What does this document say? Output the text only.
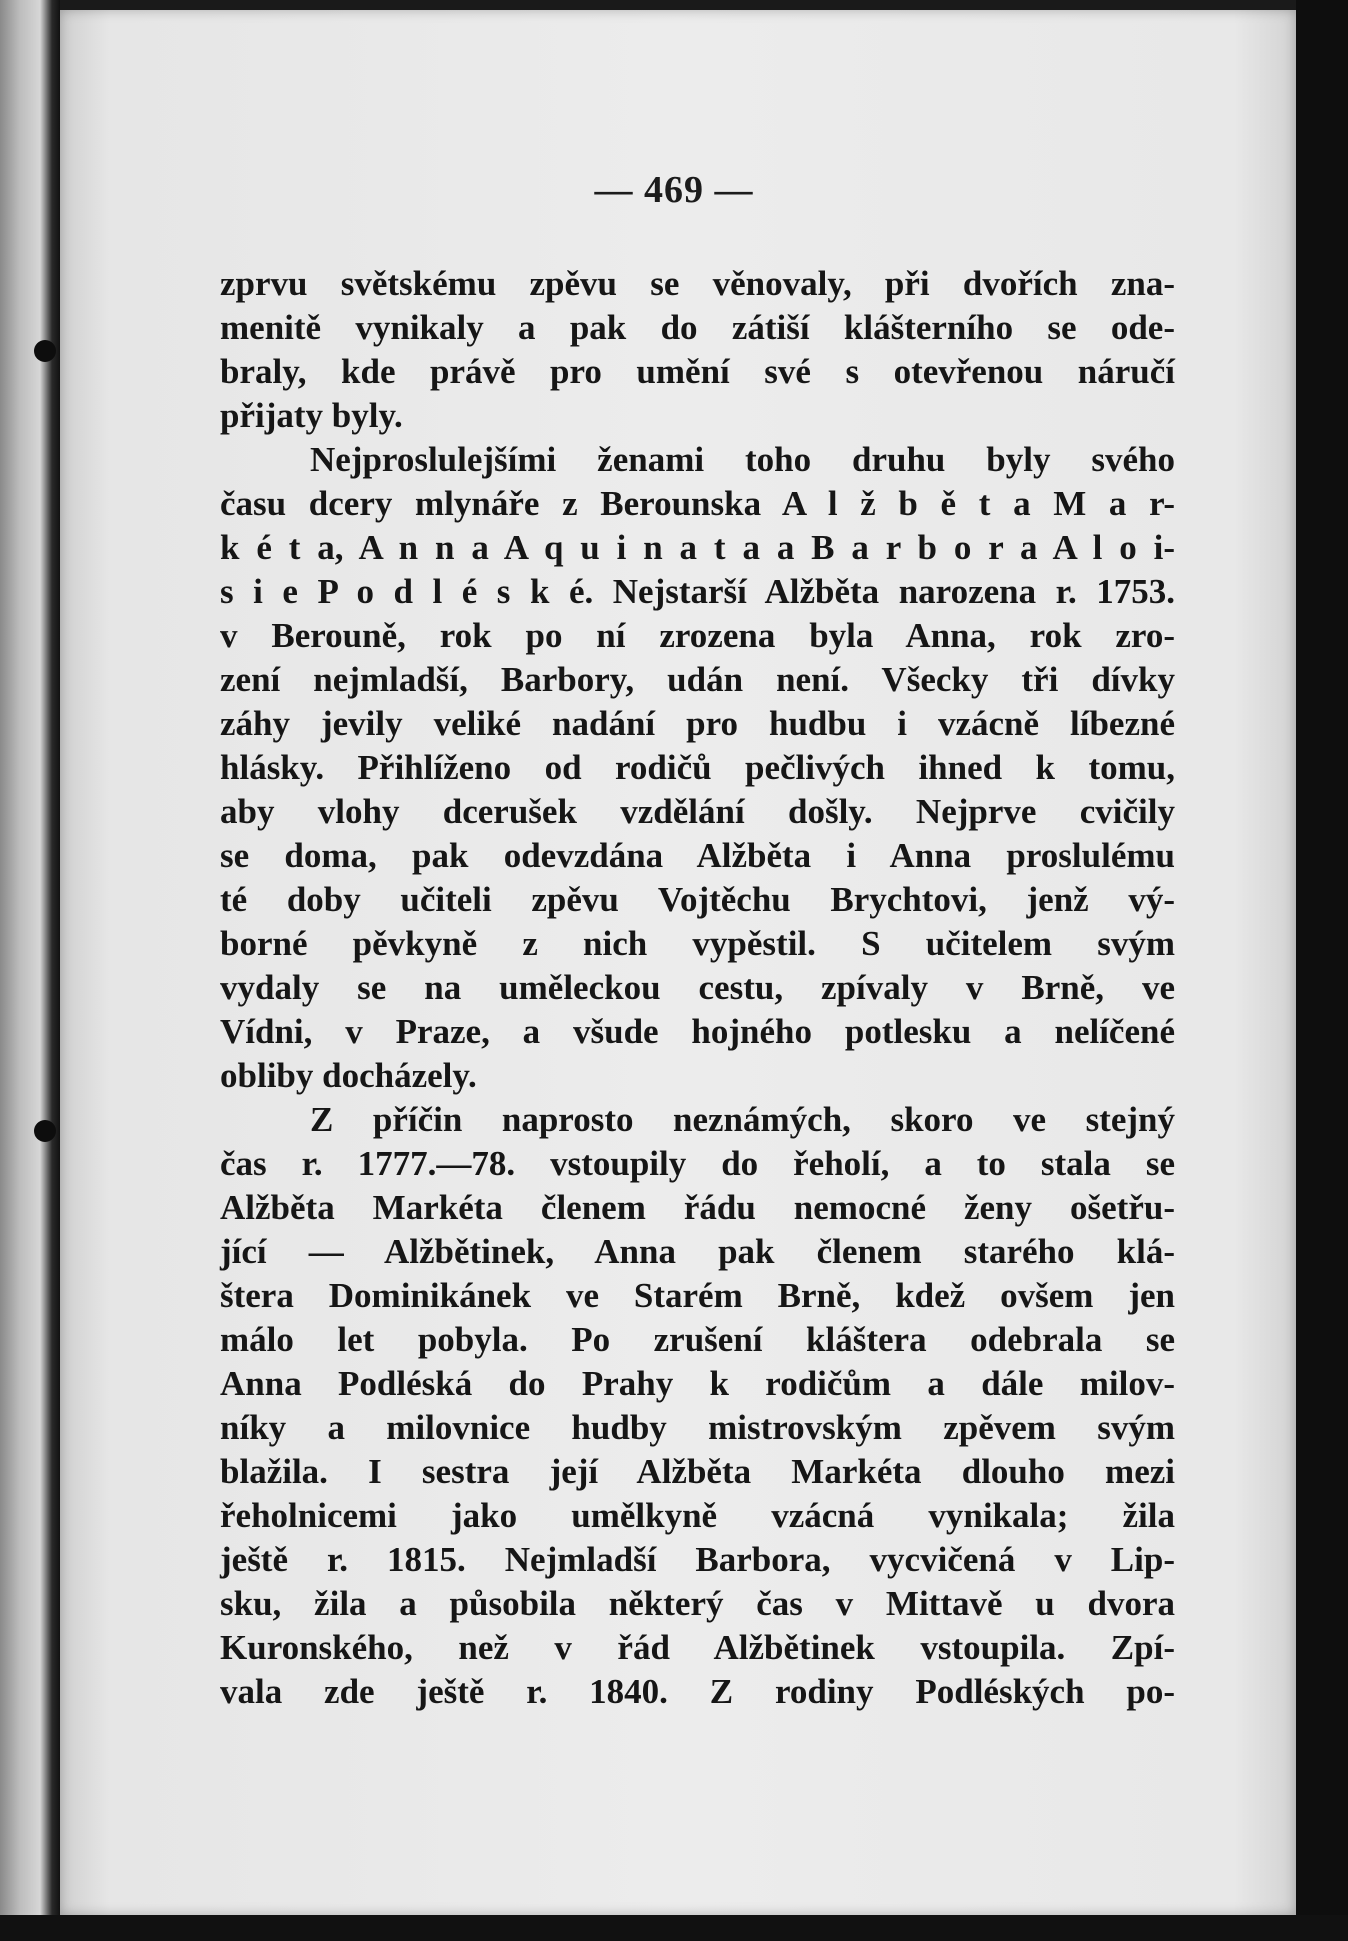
— 469 —
zprvu světskému zpěvu se věnovaly, při dvořích zna-
menitě vynikaly a pak do zátiší klášterního se ode-
braly, kde právě pro umění své s otevřenou náručí
přijaty byly.
Nejproslulejšími ženami toho druhu byly svého
času dcery mlynáře z Berounska A l ž b ě t a M a r-
k é t a, A n n a A q u i n a t a a B a r b o r a A l o i-
s i e P o d l é s k é. Nejstarší Alžběta narozena r. 1753.
v Berouně, rok po ní zrozena byla Anna, rok zro-
zení nejmladší, Barbory, udán není. Všecky tři dívky
záhy jevily veliké nadání pro hudbu i vzácně líbezné
hlásky. Přihlíženo od rodičů pečlivých ihned k tomu,
aby vlohy dcerušek vzdělání došly. Nejprve cvičily
se doma, pak odevzdána Alžběta i Anna proslulému
té doby učiteli zpěvu Vojtěchu Brychtovi, jenž vý-
borné pěvkyně z nich vypěstil. S učitelem svým
vydaly se na uměleckou cestu, zpívaly v Brně, ve
Vídni, v Praze, a všude hojného potlesku a nelíčené
obliby docházely.
Z příčin naprosto neznámých, skoro ve stejný
čas r. 1777.—78. vstoupily do řeholí, a to stala se
Alžběta Markéta členem řádu nemocné ženy ošetřu-
jící — Alžbětinek, Anna pak členem starého klá-
štera Dominikánek ve Starém Brně, kdež ovšem jen
málo let pobyla. Po zrušení kláštera odebrala se
Anna Podléská do Prahy k rodičům a dále milov-
níky a milovnice hudby mistrovským zpěvem svým
blažila. I sestra její Alžběta Markéta dlouho mezi
řeholnicemi jako umělkyně vzácná vynikala; žila
ještě r. 1815. Nejmladší Barbora, vycvičená v Lip-
sku, žila a působila některý čas v Mittavě u dvora
Kuronského, než v řád Alžbětinek vstoupila. Zpí-
vala zde ještě r. 1840. Z rodiny Podléských po-
